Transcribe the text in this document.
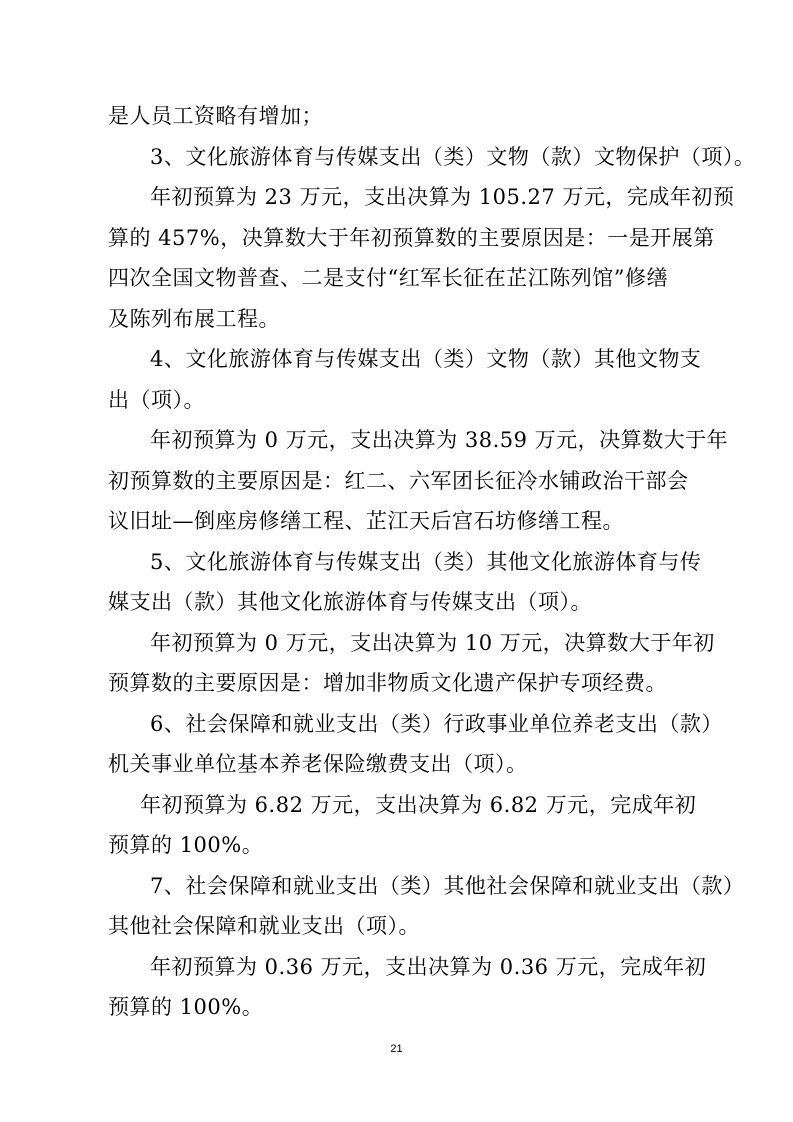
是人员工资略有增加；
3、文化旅游体育与传媒支出（类）文物（款）文物保护（项）。
年初预算为 23 万元，支出决算为 105.27 万元，完成年初预
算的 457%，决算数大于年初预算数的主要原因是：一是开展第
四次全国文物普查、二是支付“红军长征在芷江陈列馆”修缮
及陈列布展工程。
4、文化旅游体育与传媒支出（类）文物（款）其他文物支
出（项）。
年初预算为 0 万元，支出决算为 38.59 万元，决算数大于年
初预算数的主要原因是：红二、六军团长征冷水铺政治干部会
议旧址—倒座房修缮工程、芷江天后宫石坊修缮工程。
5、文化旅游体育与传媒支出（类）其他文化旅游体育与传
媒支出（款）其他文化旅游体育与传媒支出（项）。
年初预算为 0 万元，支出决算为 10 万元，决算数大于年初
预算数的主要原因是：增加非物质文化遗产保护专项经费。
6、社会保障和就业支出（类）行政事业单位养老支出（款）
机关事业单位基本养老保险缴费支出（项）。
年初预算为 6.82 万元，支出决算为 6.82 万元，完成年初
预算的 100%。
7、社会保障和就业支出（类）其他社会保障和就业支出（款）
其他社会保障和就业支出（项）。
年初预算为 0.36 万元，支出决算为 0.36 万元，完成年初
预算的 100%。
21
